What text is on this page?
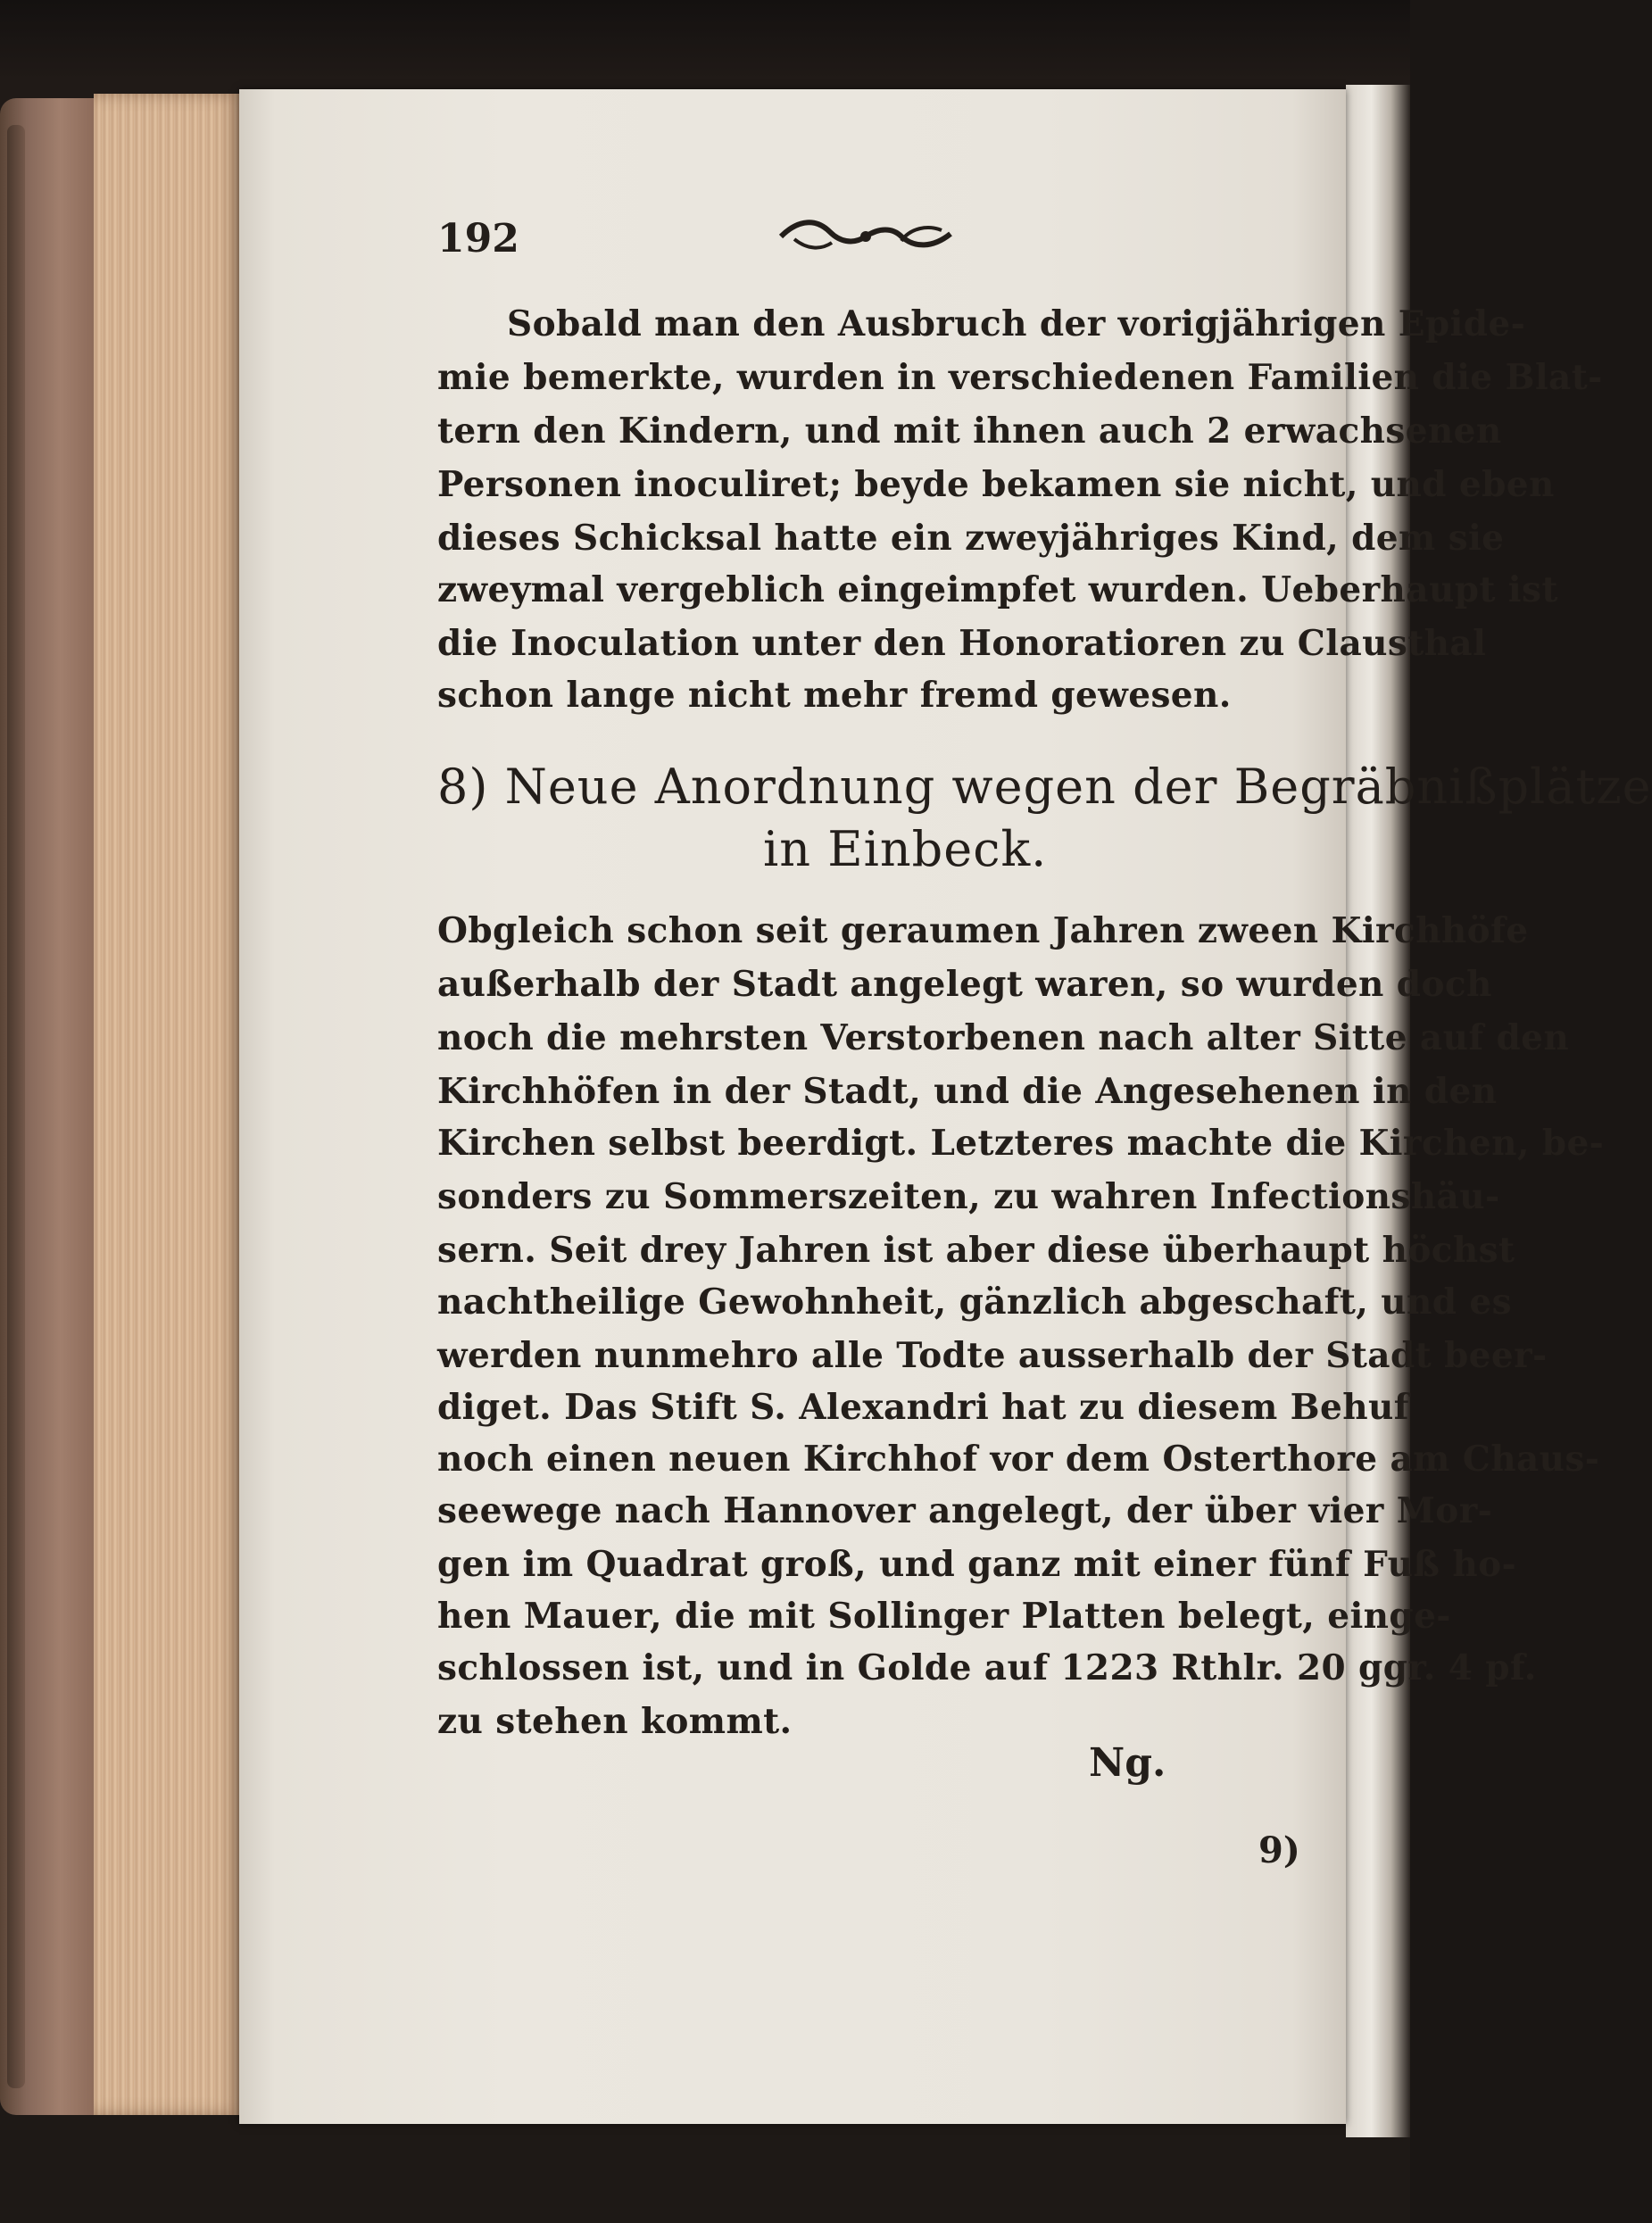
192
Sobald man den Ausbruch der vorigjährigen Epide-
mie bemerkte, wurden in verschiedenen Familien die Blat-
tern den Kindern, und mit ihnen auch 2 erwachsenen
Personen inoculiret; beyde bekamen sie nicht, und eben
dieses Schicksal hatte ein zweyjähriges Kind, dem sie
zweymal vergeblich eingeimpfet wurden. Ueberhaupt ist
die Inoculation unter den Honoratioren zu Clausthal
schon lange nicht mehr fremd gewesen.
8) Neue Anordnung wegen der Begräbnißplätze
in Einbeck.
Obgleich schon seit geraumen Jahren zween Kirchhöfe
außerhalb der Stadt angelegt waren, so wurden doch
noch die mehrsten Verstorbenen nach alter Sitte auf den
Kirchhöfen in der Stadt, und die Angesehenen in den
Kirchen selbst beerdigt. Letzteres machte die Kirchen, be-
sonders zu Sommerszeiten, zu wahren Infectionshäu-
sern. Seit drey Jahren ist aber diese überhaupt höchst
nachtheilige Gewohnheit, gänzlich abgeschaft, und es
werden nunmehro alle Todte ausserhalb der Stadt beer-
diget. Das Stift S. Alexandri hat zu diesem Behuf
noch einen neuen Kirchhof vor dem Osterthore am Chaus-
seewege nach Hannover angelegt, der über vier Mor-
gen im Quadrat groß, und ganz mit einer fünf Fuß ho-
hen Mauer, die mit Sollinger Platten belegt, einge-
schlossen ist, und in Golde auf 1223 Rthlr. 20 ggr. 4 pf.
zu stehen kommt.
Ng.
9)
